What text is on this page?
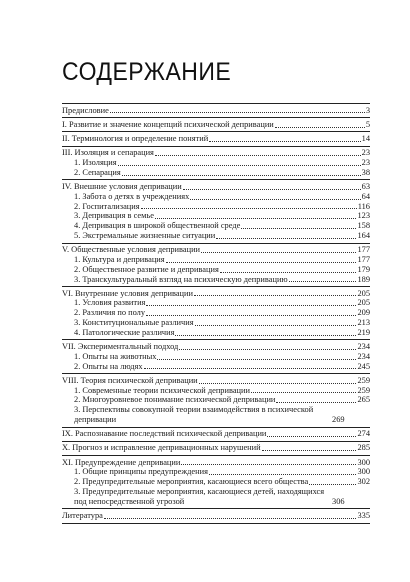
СОДЕРЖАНИЕ
Предисловие	3
I. Развитие и значение концепций психической депривации	5
II. Терминология и определение понятий	14
III. Изоляция и сепарация	23
1. Изоляция	23
2. Сепарация	38
IV. Внешние условия депривации	63
1. Забота о детях в учреждениях	64
2. Госпитализация	116
3. Депривация в семье	123
4. Депривация в широкой общественной среде	158
5. Экстремальные жизненные ситуации	164
V. Общественные условия депривации	177
1. Культура и депривация	177
2. Общественное развитие и депривация	179
3. Транскультуральный взгляд на психическую депривацию	189
VI. Внутренние условия депривации	205
1. Условия развития	205
2. Различия по полу	209
3. Конституциональные различия	213
4. Патологические различия	219
VII. Экспериментальный подход	234
1. Опыты на животных	234
2. Опыты на людях	245
VIII. Теория психической депривации	259
1. Современные теории психической депривации	259
2. Многоуровневое понимание психической депривации	265
3. Перспективы совокупной теории взаимодействия в психической депривации	269
IX. Распознавание последствий психической депривации	274
X. Прогноз и исправление депривационных нарушений	285
XI. Предупреждение депривации	300
1. Общие принципы предупреждения	300
2. Предупредительные мероприятия, касающиеся всего общества	302
3. Предупредительные мероприятия, касающиеся детей, находящихся под непосредственной угрозой	306
Литература	335
